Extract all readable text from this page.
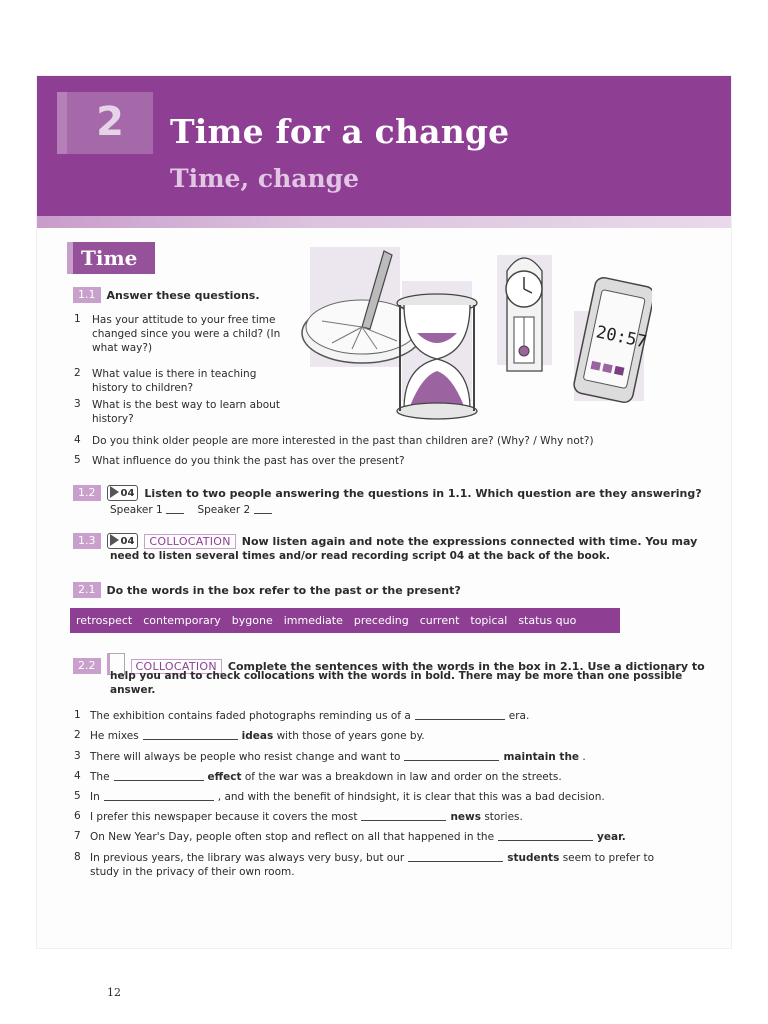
2	Time for a change
Time, change
Time
20:57
1.1 Answer these questions.
1 Has your attitude to your free time
changed since you were a child? (In
what way?)
2 What value is there in teaching
history to children?
3 What is the best way to learn about
history?
4 Do you think older people are more interested in the past than children are? (Why? / Why not?)
5 What influence do you think the past has over the present?
1.2	04 Listen to two people answering the questions in 1.1. Which question are they answering?
Speaker 1	Speaker 2
1.3	04 COLLOCATION Now listen again and note the expressions connected with time. You may
need to listen several times and/or read recording script 04 at the back of the book.
2.1 Do the words in the box refer to the past or the present?
retrospect contemporary bygone immediate preceding current topical status quo
2.2	COLLOCATION Complete the sentences with the words in the box in 2.1. Use a dictionary to
help you and to check collocations with the words in bold. There may be more than one possible
answer.
1 The exhibition contains faded photographs reminding us of a	era.
2 He mixes	ideas with those of years gone by.
3 There will always be people who resist change and want to	maintain the .
4 The	effect of the war was a breakdown in law and order on the streets.
5 In	, and with the benefit of hindsight, it is clear that this was a bad decision.
6 I prefer this newspaper because it covers the most	news stories.
7 On New Year's Day, people often stop and reflect on all that happened in the	year.
8 In previous years, the library was always very busy, but our	students seem to prefer to
study in the privacy of their own room.
12
